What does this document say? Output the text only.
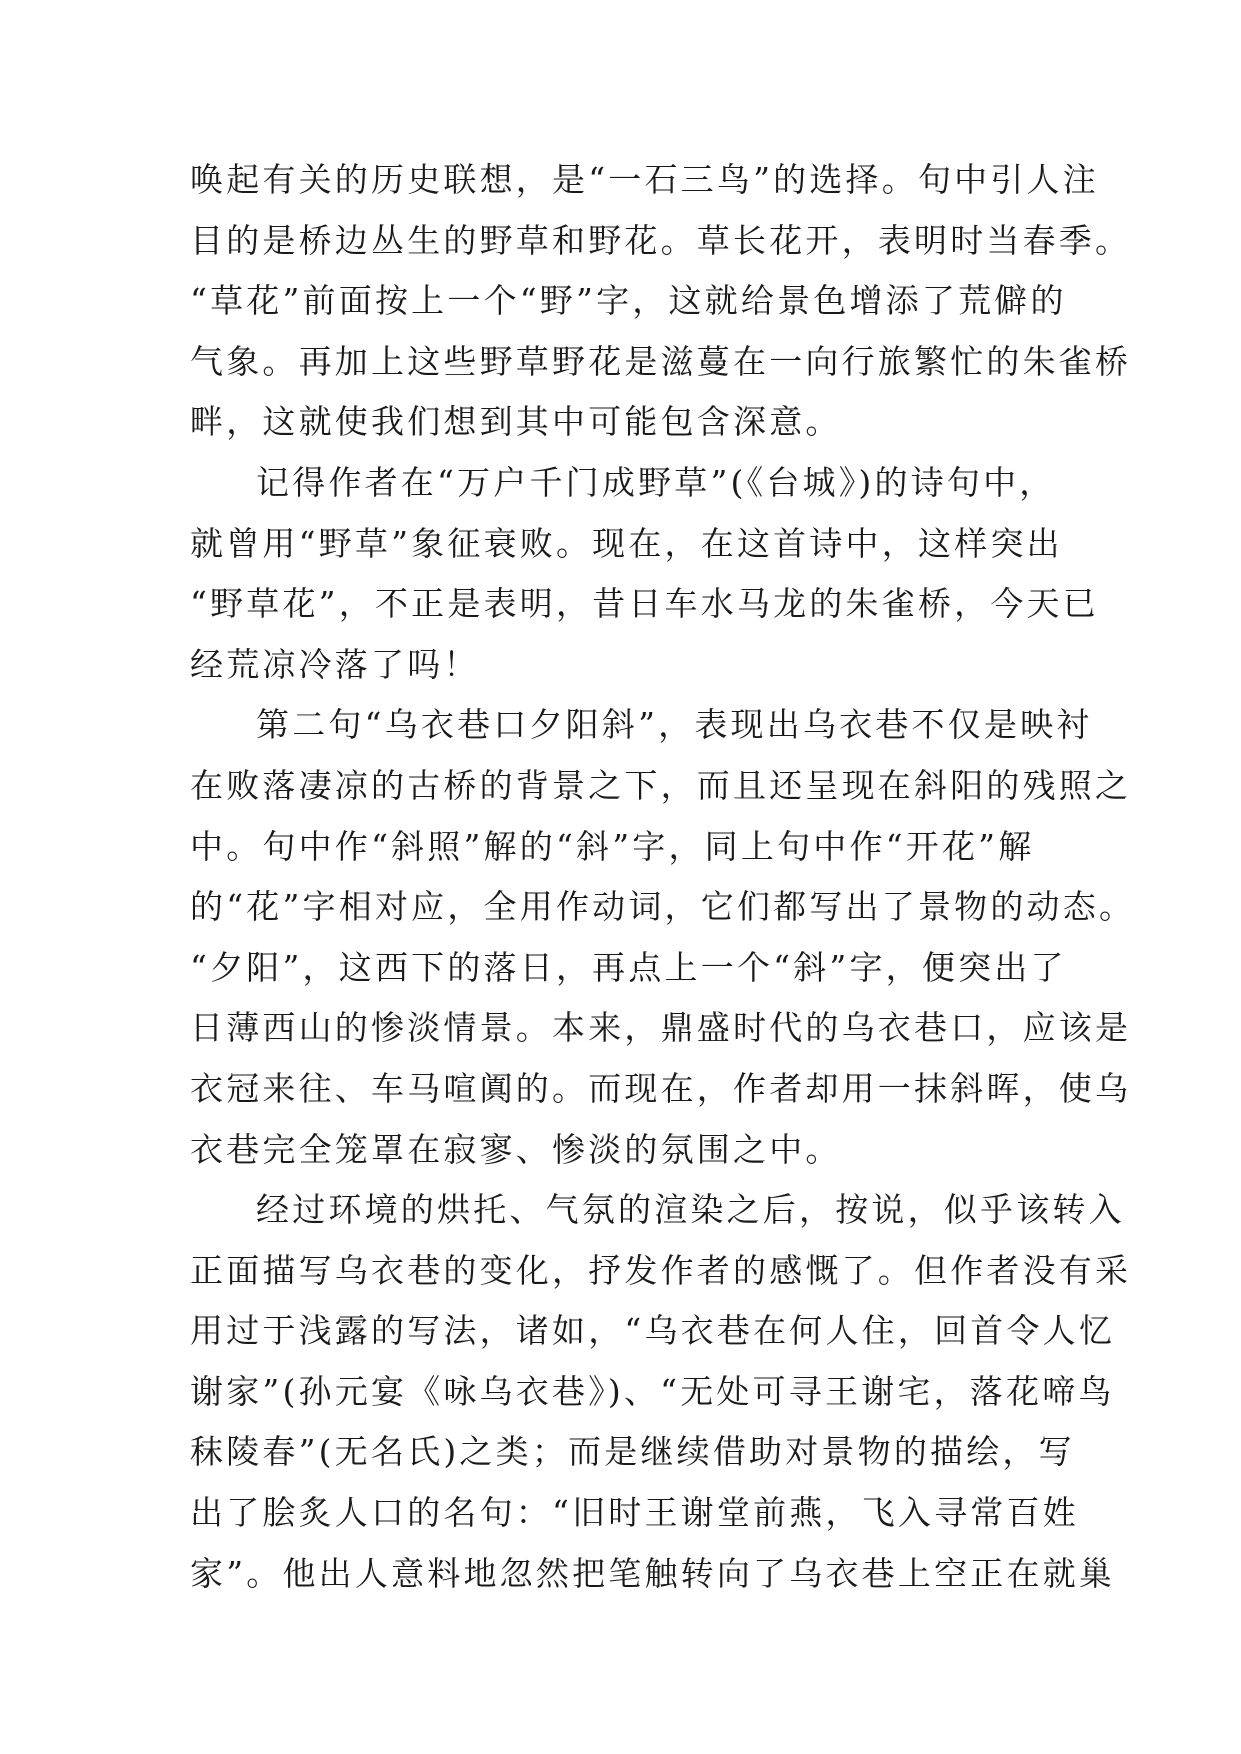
唤起有关的历史联想，是“一石三鸟”的选择。句中引人注
目的是桥边丛生的野草和野花。草长花开，表明时当春季。
“草花”前面按上一个“野”字，这就给景色增添了荒僻的
气象。再加上这些野草野花是滋蔓在一向行旅繁忙的朱雀桥
畔，这就使我们想到其中可能包含深意。
记得作者在“万户千门成野草”(《台城》)的诗句中，
就曾用“野草”象征衰败。现在，在这首诗中，这样突出
“野草花”，不正是表明，昔日车水马龙的朱雀桥，今天已
经荒凉冷落了吗！
第二句“乌衣巷口夕阳斜”，表现出乌衣巷不仅是映衬
在败落凄凉的古桥的背景之下，而且还呈现在斜阳的残照之
中。句中作“斜照”解的“斜”字，同上句中作“开花”解
的“花”字相对应，全用作动词，它们都写出了景物的动态。
“夕阳”，这西下的落日，再点上一个“斜”字，便突出了
日薄西山的惨淡情景。本来，鼎盛时代的乌衣巷口，应该是
衣冠来往、车马喧阗的。而现在，作者却用一抹斜晖，使乌
衣巷完全笼罩在寂寥、惨淡的氛围之中。
经过环境的烘托、气氛的渲染之后，按说，似乎该转入
正面描写乌衣巷的变化，抒发作者的感慨了。但作者没有采
用过于浅露的写法，诸如，“乌衣巷在何人住，回首令人忆
谢家”(孙元宴《咏乌衣巷》)、“无处可寻王谢宅，落花啼鸟
秣陵春”(无名氏)之类；而是继续借助对景物的描绘，写
出了脍炙人口的名句：“旧时王谢堂前燕，飞入寻常百姓
家”。他出人意料地忽然把笔触转向了乌衣巷上空正在就巢
